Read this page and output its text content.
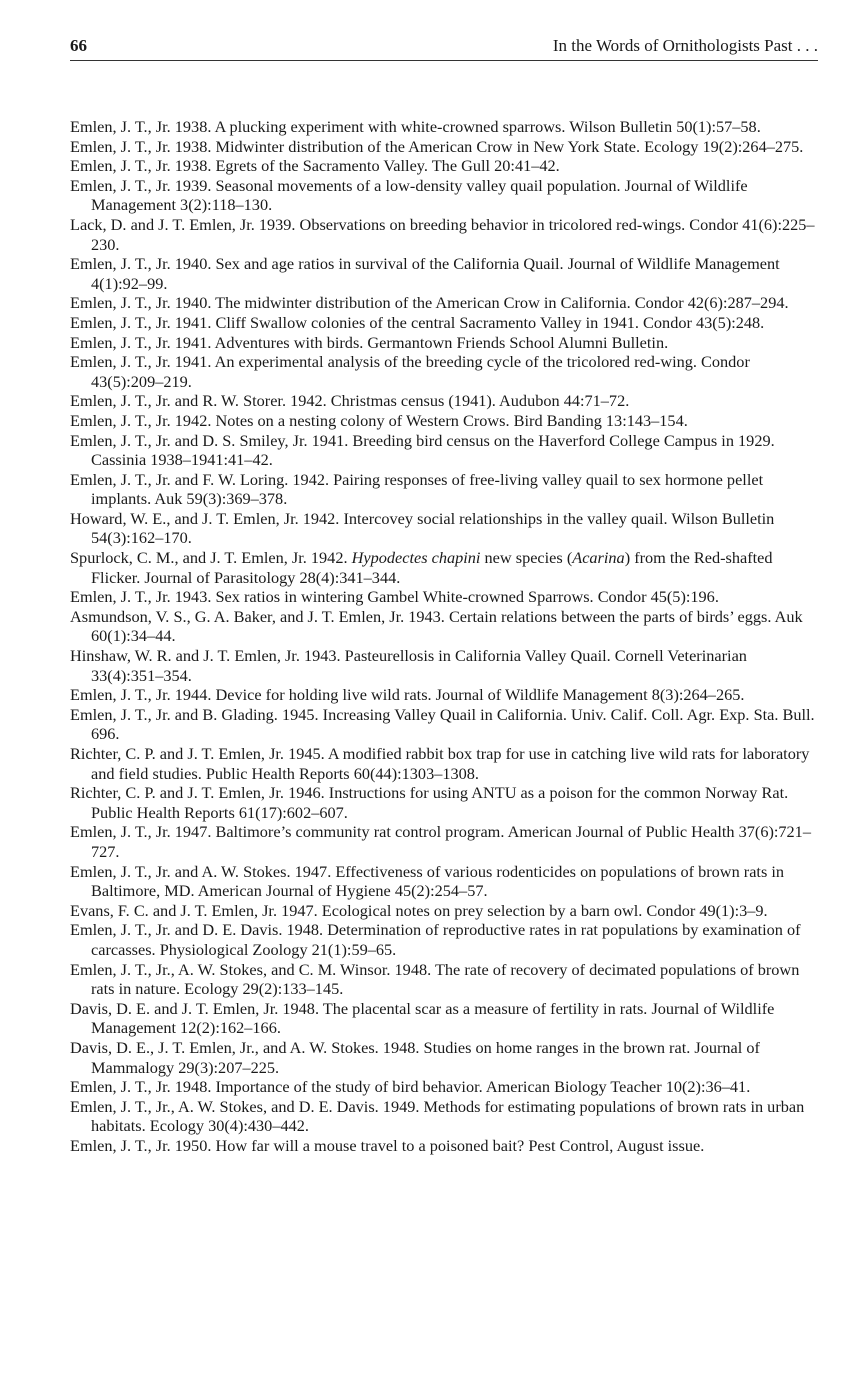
66	In the Words of Ornithologists Past . . .
Emlen, J. T., Jr. 1938. A plucking experiment with white-crowned sparrows. Wilson Bulletin 50(1):57–58.
Emlen, J. T., Jr. 1938. Midwinter distribution of the American Crow in New York State. Ecology 19(2):264–275.
Emlen, J. T., Jr. 1938. Egrets of the Sacramento Valley. The Gull 20:41–42.
Emlen, J. T., Jr. 1939. Seasonal movements of a low-density valley quail population. Journal of Wildlife Management 3(2):118–130.
Lack, D. and J. T. Emlen, Jr. 1939. Observations on breeding behavior in tricolored red-wings. Condor 41(6):225–230.
Emlen, J. T., Jr. 1940. Sex and age ratios in survival of the California Quail. Journal of Wildlife Management 4(1):92–99.
Emlen, J. T., Jr. 1940. The midwinter distribution of the American Crow in California. Condor 42(6):287–294.
Emlen, J. T., Jr. 1941. Cliff Swallow colonies of the central Sacramento Valley in 1941. Condor 43(5):248.
Emlen, J. T., Jr. 1941. Adventures with birds. Germantown Friends School Alumni Bulletin.
Emlen, J. T., Jr. 1941. An experimental analysis of the breeding cycle of the tricolored red-wing. Condor 43(5):209–219.
Emlen, J. T., Jr. and R. W. Storer. 1942. Christmas census (1941). Audubon 44:71–72.
Emlen, J. T., Jr. 1942. Notes on a nesting colony of Western Crows. Bird Banding 13:143–154.
Emlen, J. T., Jr. and D. S. Smiley, Jr. 1941. Breeding bird census on the Haverford College Campus in 1929. Cassinia 1938–1941:41–42.
Emlen, J. T., Jr. and F. W. Loring. 1942. Pairing responses of free-living valley quail to sex hormone pellet implants. Auk 59(3):369–378.
Howard, W. E., and J. T. Emlen, Jr. 1942. Intercovey social relationships in the valley quail. Wilson Bulletin 54(3):162–170.
Spurlock, C. M., and J. T. Emlen, Jr. 1942. Hypodectes chapini new species (Acarina) from the Red-shafted Flicker. Journal of Parasitology 28(4):341–344.
Emlen, J. T., Jr. 1943. Sex ratios in wintering Gambel White-crowned Sparrows. Condor 45(5):196.
Asmundson, V. S., G. A. Baker, and J. T. Emlen, Jr. 1943. Certain relations between the parts of birds’ eggs. Auk 60(1):34–44.
Hinshaw, W. R. and J. T. Emlen, Jr. 1943. Pasteurellosis in California Valley Quail. Cornell Veterinarian 33(4):351–354.
Emlen, J. T., Jr. 1944. Device for holding live wild rats. Journal of Wildlife Management 8(3):264–265.
Emlen, J. T., Jr. and B. Glading. 1945. Increasing Valley Quail in California. Univ. Calif. Coll. Agr. Exp. Sta. Bull. 696.
Richter, C. P. and J. T. Emlen, Jr. 1945. A modified rabbit box trap for use in catching live wild rats for laboratory and field studies. Public Health Reports 60(44):1303–1308.
Richter, C. P. and J. T. Emlen, Jr. 1946. Instructions for using ANTU as a poison for the common Norway Rat. Public Health Reports 61(17):602–607.
Emlen, J. T., Jr. 1947. Baltimore’s community rat control program. American Journal of Public Health 37(6):721–727.
Emlen, J. T., Jr. and A. W. Stokes. 1947. Effectiveness of various rodenticides on populations of brown rats in Baltimore, MD. American Journal of Hygiene 45(2):254–57.
Evans, F. C. and J. T. Emlen, Jr. 1947. Ecological notes on prey selection by a barn owl. Condor 49(1):3–9.
Emlen, J. T., Jr. and D. E. Davis. 1948. Determination of reproductive rates in rat populations by examination of carcasses. Physiological Zoology 21(1):59–65.
Emlen, J. T., Jr., A. W. Stokes, and C. M. Winsor. 1948. The rate of recovery of decimated populations of brown rats in nature. Ecology 29(2):133–145.
Davis, D. E. and J. T. Emlen, Jr. 1948. The placental scar as a measure of fertility in rats. Journal of Wildlife Management 12(2):162–166.
Davis, D. E., J. T. Emlen, Jr., and A. W. Stokes. 1948. Studies on home ranges in the brown rat. Journal of Mammalogy 29(3):207–225.
Emlen, J. T., Jr. 1948. Importance of the study of bird behavior. American Biology Teacher 10(2):36–41.
Emlen, J. T., Jr., A. W. Stokes, and D. E. Davis. 1949. Methods for estimating populations of brown rats in urban habitats. Ecology 30(4):430–442.
Emlen, J. T., Jr. 1950. How far will a mouse travel to a poisoned bait? Pest Control, August issue.
